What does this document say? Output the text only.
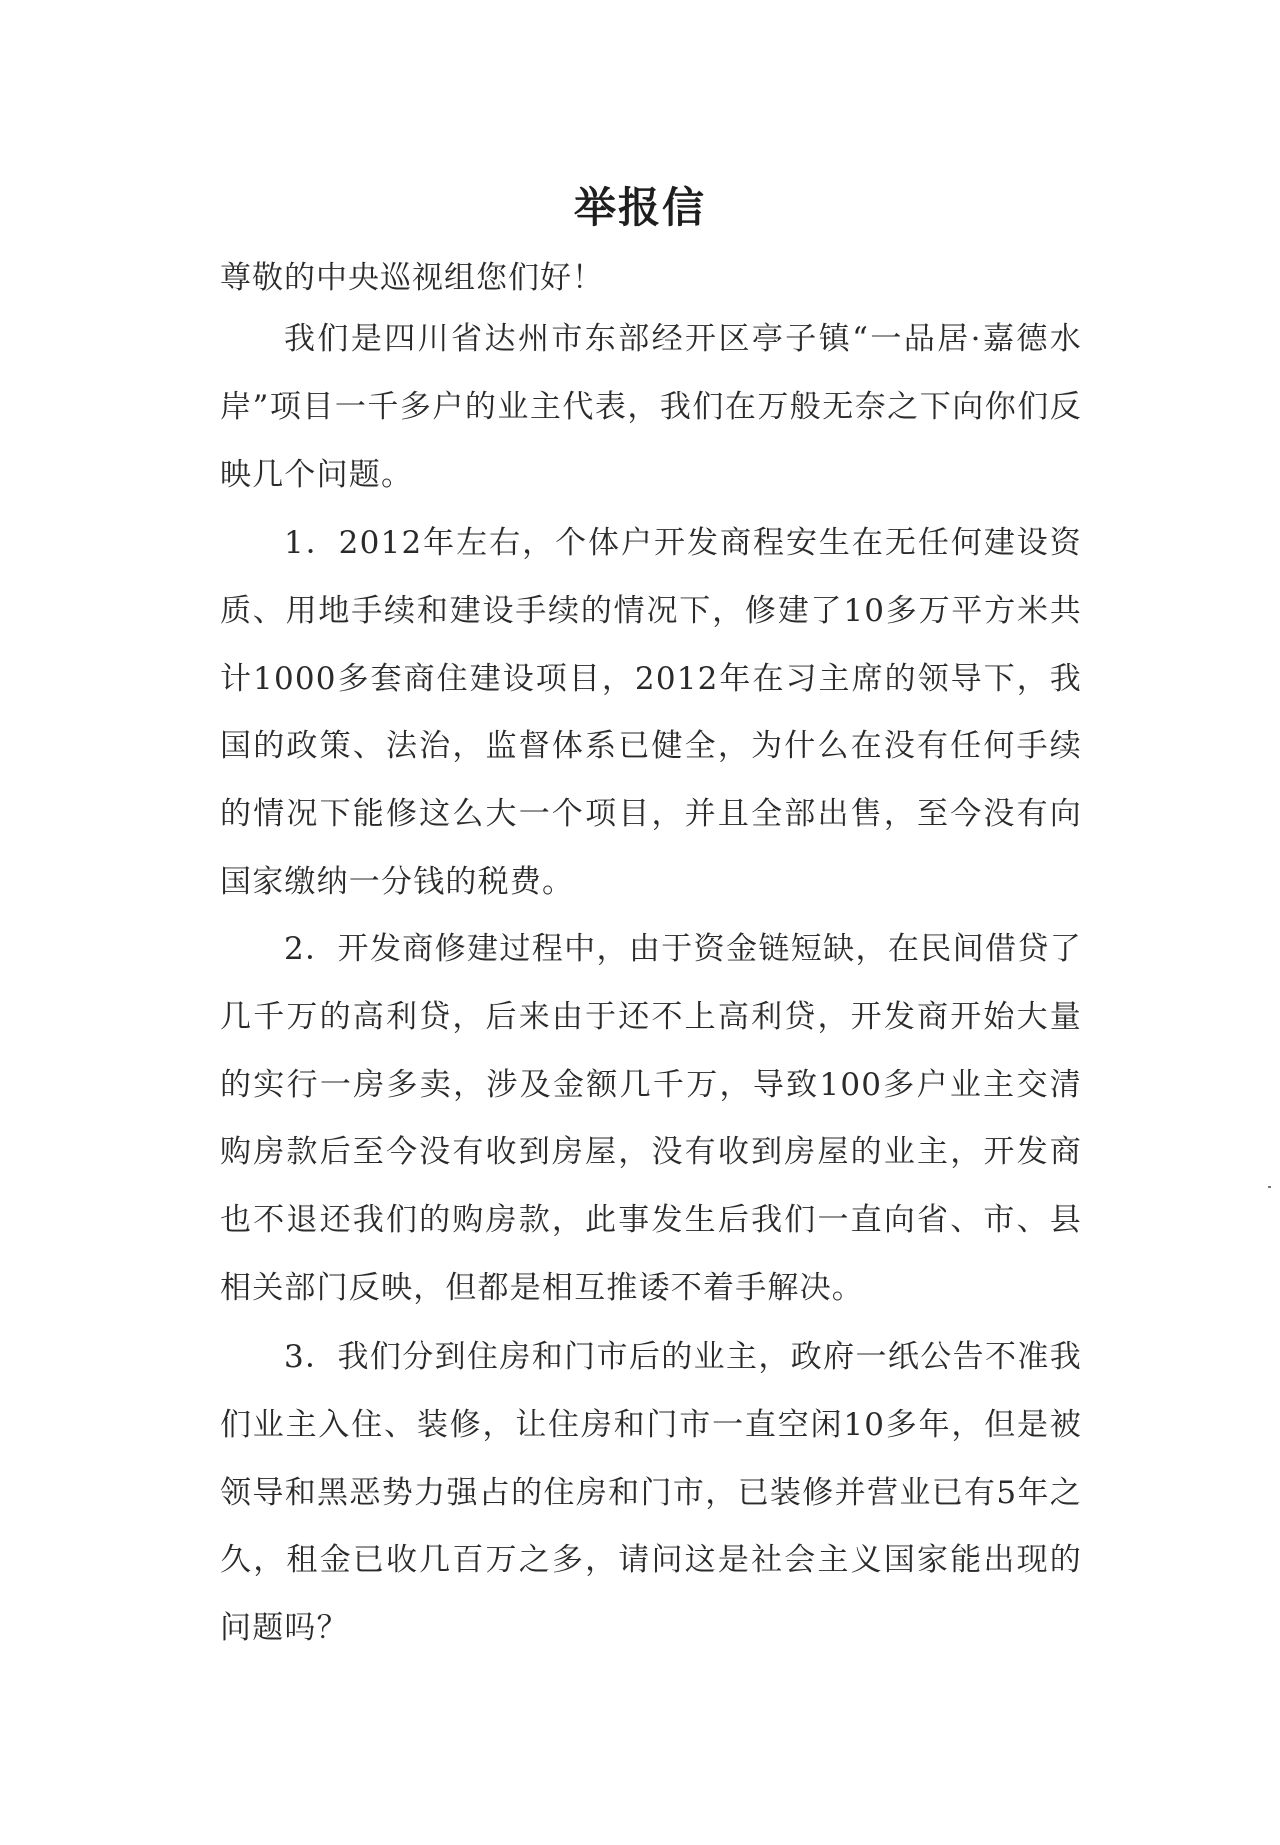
举报信

尊敬的中央巡视组您们好！

我们是四川省达州市东部经开区亭子镇“一品居·嘉德水岸”项目一千多户的业主代表，我们在万般无奈之下向你们反映几个问题。

1．2012年左右，个体户开发商程安生在无任何建设资质、用地手续和建设手续的情况下，修建了10多万平方米共计1000多套商住建设项目，2012年在习主席的领导下，我国的政策、法治，监督体系已健全，为什么在没有任何手续的情况下能修这么大一个项目，并且全部出售，至今没有向国家缴纳一分钱的税费。

2．开发商修建过程中，由于资金链短缺，在民间借贷了几千万的高利贷，后来由于还不上高利贷，开发商开始大量的实行一房多卖，涉及金额几千万，导致100多户业主交清购房款后至今没有收到房屋，没有收到房屋的业主，开发商也不退还我们的购房款，此事发生后我们一直向省、市、县相关部门反映，但都是相互推诿不着手解决。

3．我们分到住房和门市后的业主，政府一纸公告不准我们业主入住、装修，让住房和门市一直空闲10多年，但是被领导和黑恶势力强占的住房和门市，已装修并营业已有5年之久，租金已收几百万之多，请问这是社会主义国家能出现的问题吗？
